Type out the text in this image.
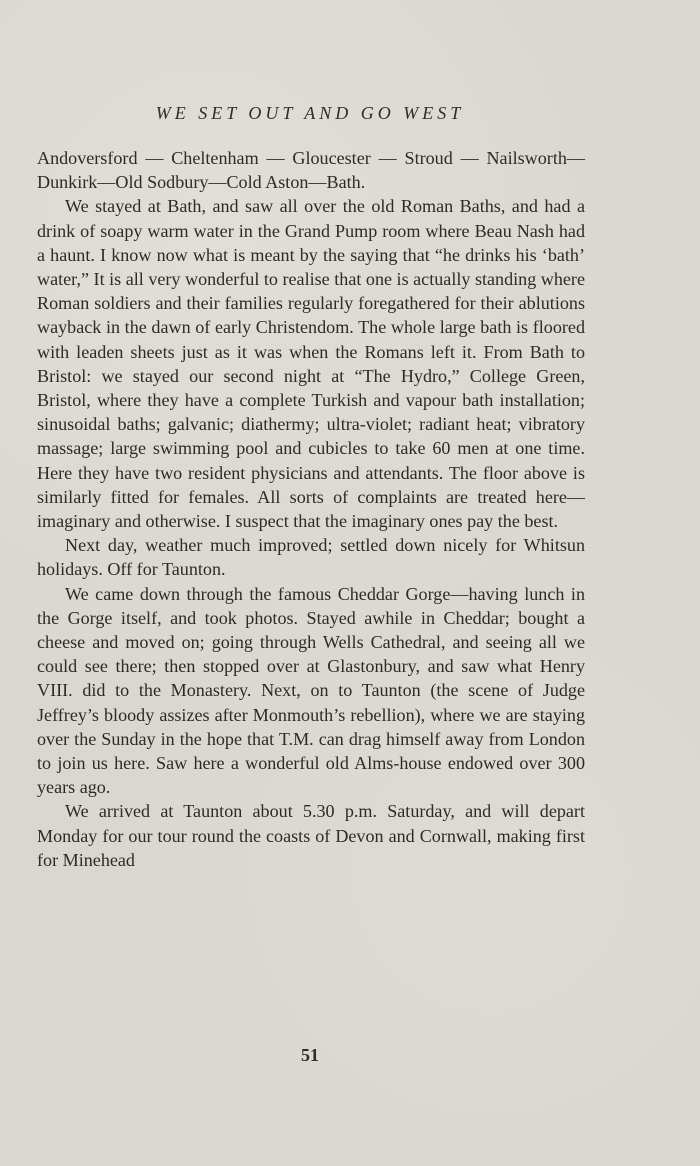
WE SET OUT AND GO WEST

Andoversford — Cheltenham — Gloucester — Stroud — Nailsworth—Dunkirk—Old Sodbury—Cold Aston—Bath.

We stayed at Bath, and saw all over the old Roman Baths, and had a drink of soapy warm water in the Grand Pump room where Beau Nash had a haunt. I know now what is meant by the saying that “he drinks his ‘bath’ water,” It is all very wonderful to realise that one is actually standing where Roman soldiers and their families regularly foregathered for their ablutions wayback in the dawn of early Christendom. The whole large bath is floored with leaden sheets just as it was when the Romans left it. From Bath to Bristol: we stayed our second night at “The Hydro,” College Green, Bristol, where they have a complete Turkish and vapour bath installation; sinusoidal baths; galvanic; diathermy; ultra-violet; radiant heat; vibratory massage; large swimming pool and cubicles to take 60 men at one time. Here they have two resident physicians and attendants. The floor above is similarly fitted for females. All sorts of complaints are treated here—imaginary and otherwise. I suspect that the imaginary ones pay the best.

Next day, weather much improved; settled down nicely for Whitsun holidays. Off for Taunton.

We came down through the famous Cheddar Gorge—having lunch in the Gorge itself, and took photos. Stayed awhile in Cheddar; bought a cheese and moved on; going through Wells Cathedral, and seeing all we could see there; then stopped over at Glastonbury, and saw what Henry VIII. did to the Monastery. Next, on to Taunton (the scene of Judge Jeffrey’s bloody assizes after Monmouth’s rebellion), where we are staying over the Sunday in the hope that T.M. can drag himself away from London to join us here. Saw here a wonderful old Alms-house endowed over 300 years ago.

We arrived at Taunton about 5.30 p.m. Saturday, and will depart Monday for our tour round the coasts of Devon and Cornwall, making first for Minehead

51
